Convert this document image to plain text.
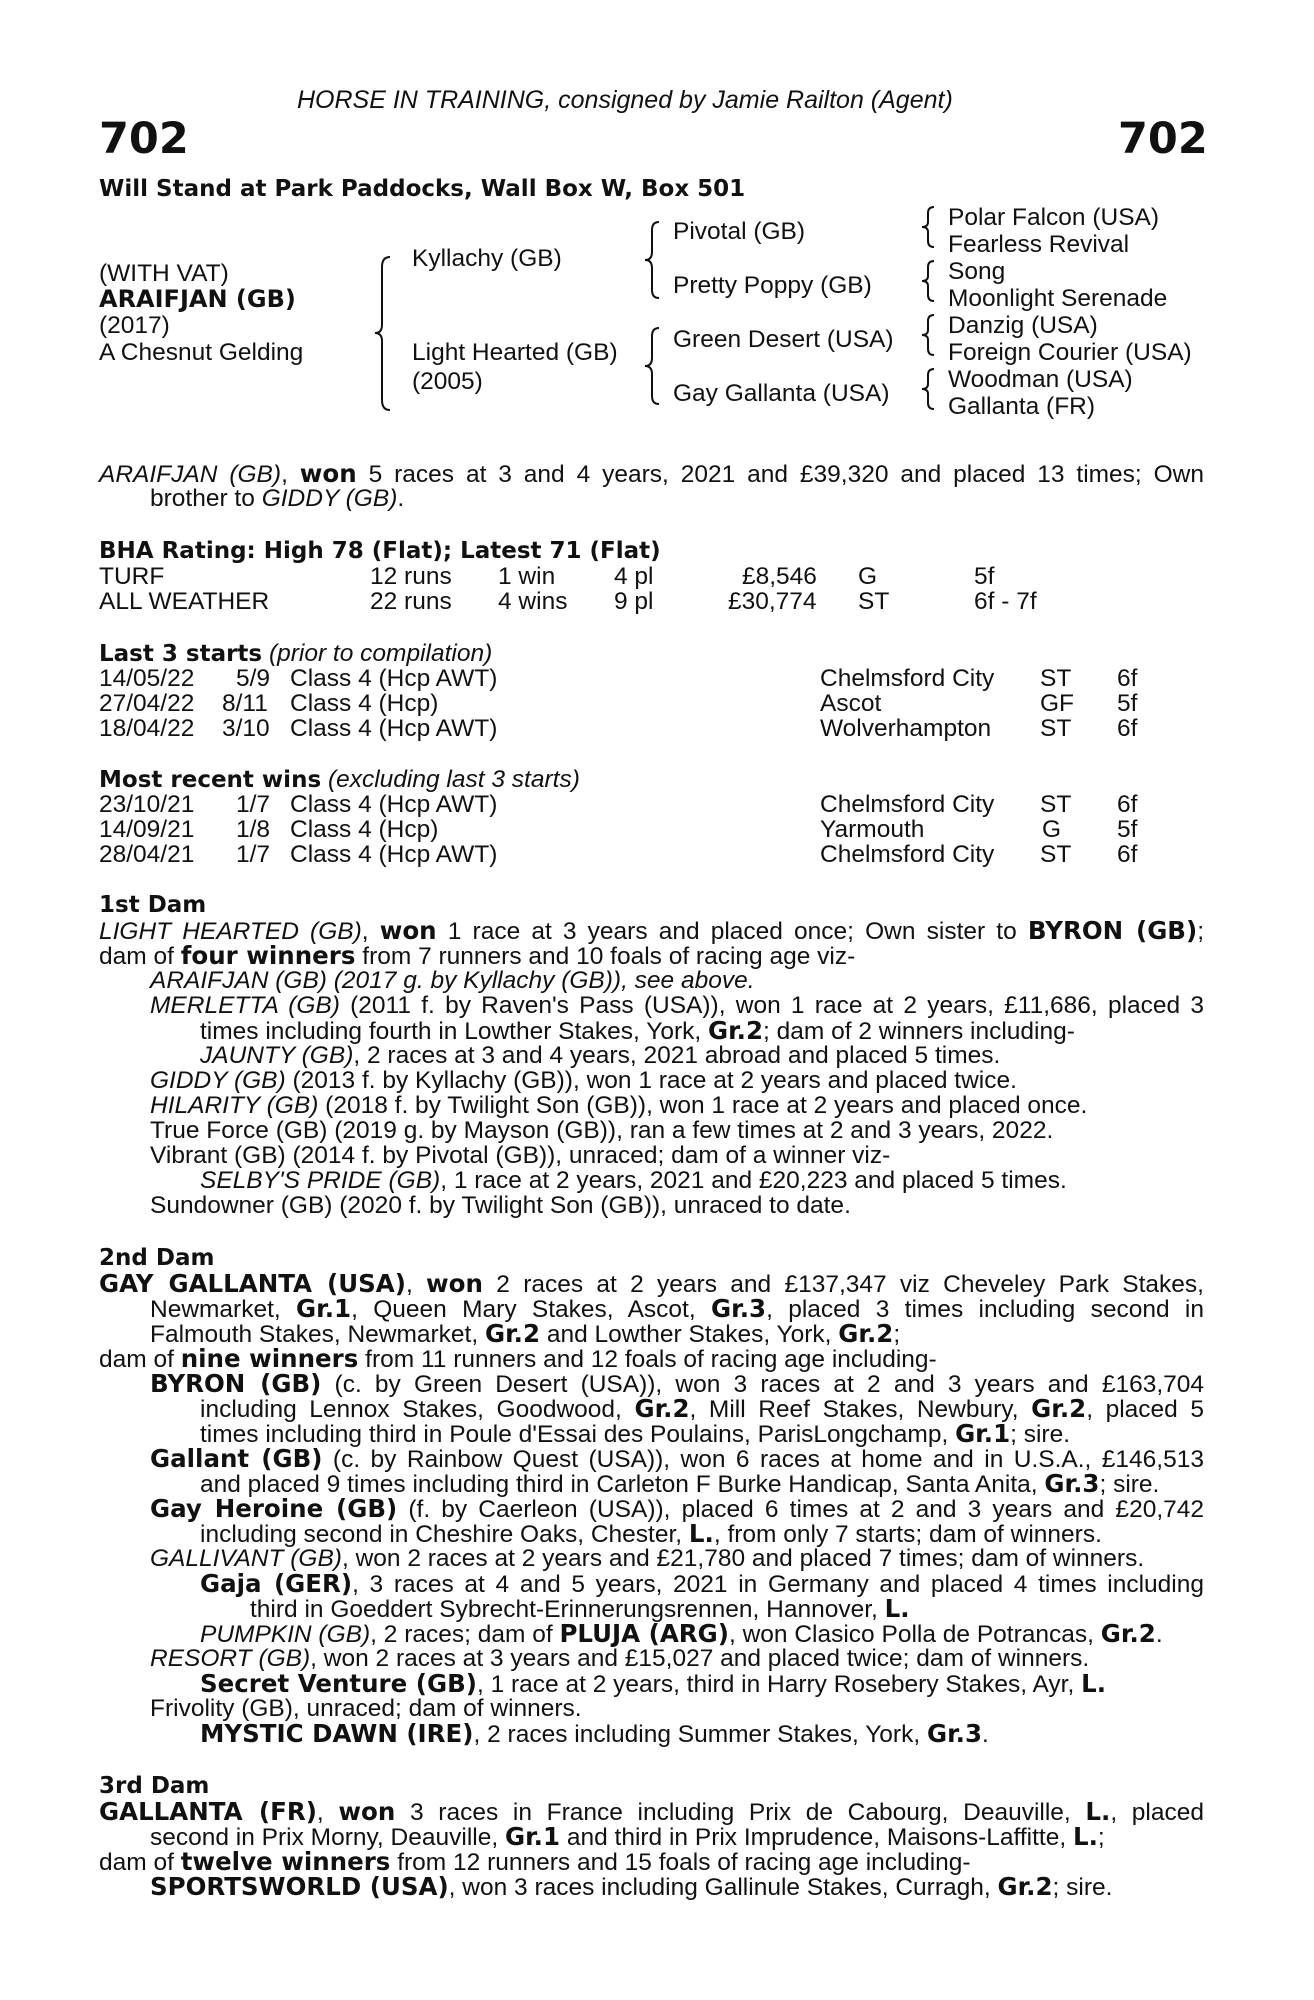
HORSE IN TRAINING, consigned by Jamie Railton (Agent)
702	702
Will Stand at Park Paddocks, Wall Box W, Box 501
(WITH VAT)
ARAIFJAN (GB)
(2017)
A Chesnut Gelding
Kyllachy (GB)
Light Hearted (GB)
(2005)
Pivotal (GB)
Pretty Poppy (GB)
Green Desert (USA)
Gay Gallanta (USA)
Polar Falcon (USA)
Fearless Revival
Song
Moonlight Serenade
Danzig (USA)
Foreign Courier (USA)
Woodman (USA)
Gallanta (FR)
ARAIFJAN (GB), won 5 races at 3 and 4 years, 2021 and £39,320 and placed 13 times; Own
brother to GIDDY (GB).
BHA Rating: High 78 (Flat); Latest 71 (Flat)
TURF	12 runs 1 win 4 pl	£8,546 G	5f
ALL WEATHER	22 runs 4 wins 9 pl	£30,774 ST	6f - 7f
Last 3 starts (prior to compilation)
14/05/22 5/9 Class 4 (Hcp AWT)	Chelmsford City ST 6f
27/04/22 8/11 Class 4 (Hcp)	Ascot	GF 5f
18/04/22 3/10 Class 4 (Hcp AWT)	Wolverhampton ST 6f
Most recent wins (excluding last 3 starts)
23/10/21 1/7 Class 4 (Hcp AWT)	Chelmsford City ST 6f
14/09/21 1/8 Class 4 (Hcp)	Yarmouth	G 5f
28/04/21 1/7 Class 4 (Hcp AWT)	Chelmsford City ST 6f
1st Dam
LIGHT HEARTED (GB), won 1 race at 3 years and placed once; Own sister to BYRON (GB);
dam of four winners from 7 runners and 10 foals of racing age viz-
ARAIFJAN (GB) (2017 g. by Kyllachy (GB)), see above.
MERLETTA (GB) (2011 f. by Raven's Pass (USA)), won 1 race at 2 years, £11,686, placed 3
times including fourth in Lowther Stakes, York, Gr.2; dam of 2 winners including-
JAUNTY (GB), 2 races at 3 and 4 years, 2021 abroad and placed 5 times.
GIDDY (GB) (2013 f. by Kyllachy (GB)), won 1 race at 2 years and placed twice.
HILARITY (GB) (2018 f. by Twilight Son (GB)), won 1 race at 2 years and placed once.
True Force (GB) (2019 g. by Mayson (GB)), ran a few times at 2 and 3 years, 2022.
Vibrant (GB) (2014 f. by Pivotal (GB)), unraced; dam of a winner viz-
SELBY'S PRIDE (GB), 1 race at 2 years, 2021 and £20,223 and placed 5 times.
Sundowner (GB) (2020 f. by Twilight Son (GB)), unraced to date.
2nd Dam
GAY GALLANTA (USA), won 2 races at 2 years and £137,347 viz Cheveley Park Stakes,
Newmarket, Gr.1, Queen Mary Stakes, Ascot, Gr.3, placed 3 times including second in
Falmouth Stakes, Newmarket, Gr.2 and Lowther Stakes, York, Gr.2;
dam of nine winners from 11 runners and 12 foals of racing age including-
BYRON (GB) (c. by Green Desert (USA)), won 3 races at 2 and 3 years and £163,704
including Lennox Stakes, Goodwood, Gr.2, Mill Reef Stakes, Newbury, Gr.2, placed 5
times including third in Poule d'Essai des Poulains, ParisLongchamp, Gr.1; sire.
Gallant (GB) (c. by Rainbow Quest (USA)), won 6 races at home and in U.S.A., £146,513
and placed 9 times including third in Carleton F Burke Handicap, Santa Anita, Gr.3; sire.
Gay Heroine (GB) (f. by Caerleon (USA)), placed 6 times at 2 and 3 years and £20,742
including second in Cheshire Oaks, Chester, L., from only 7 starts; dam of winners.
GALLIVANT (GB), won 2 races at 2 years and £21,780 and placed 7 times; dam of winners.
Gaja (GER), 3 races at 4 and 5 years, 2021 in Germany and placed 4 times including
third in Goeddert Sybrecht-Erinnerungsrennen, Hannover, L.
PUMPKIN (GB), 2 races; dam of PLUJA (ARG), won Clasico Polla de Potrancas, Gr.2.
RESORT (GB), won 2 races at 3 years and £15,027 and placed twice; dam of winners.
Secret Venture (GB), 1 race at 2 years, third in Harry Rosebery Stakes, Ayr, L.
Frivolity (GB), unraced; dam of winners.
MYSTIC DAWN (IRE), 2 races including Summer Stakes, York, Gr.3.
3rd Dam
GALLANTA (FR), won 3 races in France including Prix de Cabourg, Deauville, L., placed
second in Prix Morny, Deauville, Gr.1 and third in Prix Imprudence, Maisons-Laffitte, L.;
dam of twelve winners from 12 runners and 15 foals of racing age including-
SPORTSWORLD (USA), won 3 races including Gallinule Stakes, Curragh, Gr.2; sire.
